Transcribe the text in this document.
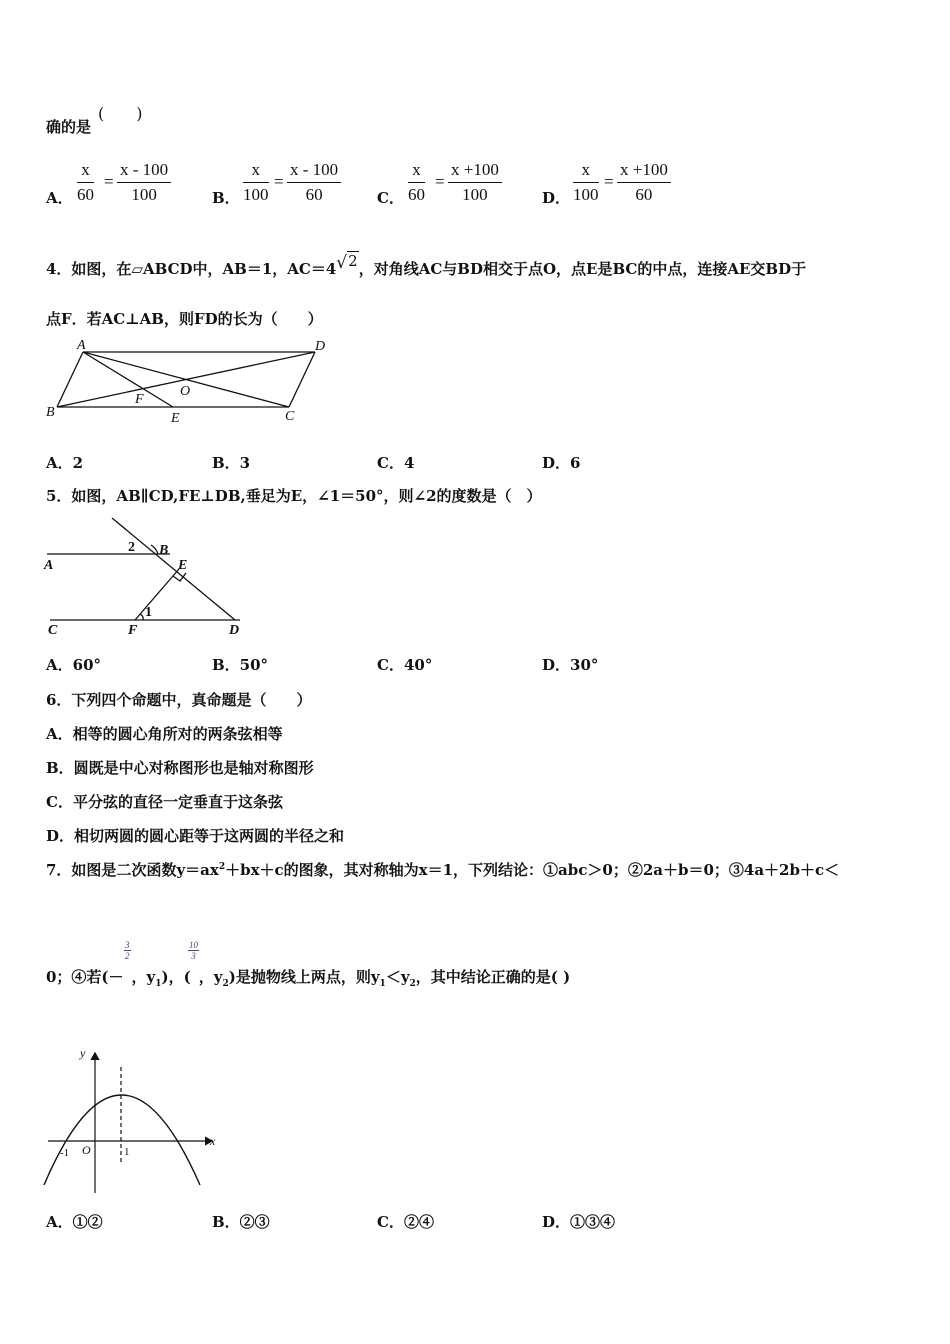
确的是
(　　)
A． $\frac{x}{60} = \frac{x - 100}{100}$	B． $\frac{x}{100} = \frac{x - 100}{60}$ C． $\frac{x}{60} = \frac{x +100}{100}$	D． $\frac{x}{100} = \frac{x +100}{60}$
4．如图，在▱ABCD中，AB＝1，AC＝4√2，对角线AC与BD相交于点O，点E是BC的中点，连接AE交BD于
点F．若AC⊥AB，则FD的长为（　　）
A	D
O
F
B	E	C
A．2	B．3	C．4	D．6
5．如图，AB∥CD,FE⊥DB,垂足为E，∠1＝50°，则∠2的度数是（　）
2 B
A	E
1
C	F	D
A．60°	B．50°	C．40°	D．30°
6．下列四个命题中，真命题是（　　）
A．相等的圆心角所对的两条弦相等
B．圆既是中心对称图形也是轴对称图形
C．平分弦的直径一定垂直于这条弦
D．相切两圆的圆心距等于这两圆的半径之和
7．如图是二次函数$y=ax^2+bx+c$的图象，其对称轴为x＝1，下列结论：①abc＞0；②2a＋b＝0；③4a＋2b＋c＜
$\frac{3}{2}$	$\frac{10}{3}$
0；④若(－ ，$y_1$)，( ，$y_2$)是抛物线上两点，则$y_1<y_2$，其中结论正确的是( )
y
x
O
-1	1
A．①②	B．②③	C．②④	D．①③④
